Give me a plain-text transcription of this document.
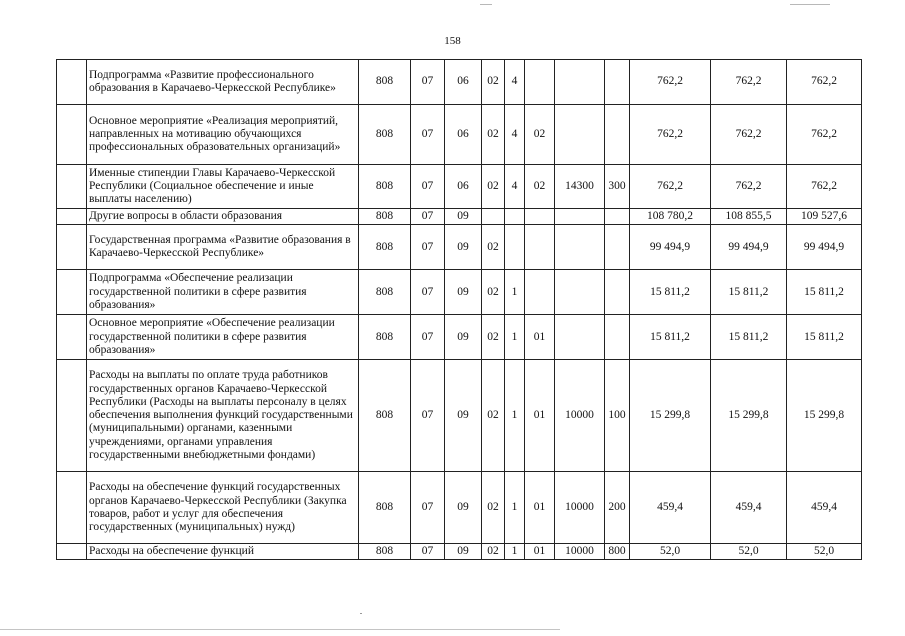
158
	Подпрограмма «Развитие профессионального образования в Карачаево-Черкесской Республике»	808	07	06	02	4				762,2	762,2	762,2
	Основное мероприятие «Реализация мероприятий, направленных на мотивацию обучающихся профессиональных образовательных организаций»	808	07	06	02	4	02			762,2	762,2	762,2
	Именные стипендии Главы Карачаево-Черкесской Республики (Социальное обеспечение и иные выплаты населению)	808	07	06	02	4	02	14300	300	762,2	762,2	762,2
	Другие вопросы в области образования	808	07	09						108 780,2	108 855,5	109 527,6
	Государственная программа «Развитие образования в Карачаево-Черкесской Республике»	808	07	09	02					99 494,9	99 494,9	99 494,9
	Подпрограмма «Обеспечение реализации государственной политики в сфере развития образования»	808	07	09	02	1				15 811,2	15 811,2	15 811,2
	Основное мероприятие «Обеспечение реализации государственной политики в сфере развития образования»	808	07	09	02	1	01			15 811,2	15 811,2	15 811,2
	Расходы на выплаты по оплате труда работников государственных органов Карачаево-Черкесской Республики (Расходы на выплаты персоналу в целях обеспечения выполнения функций государственными (муниципальными) органами, казенными учреждениями, органами управления государственными внебюджетными фондами)	808	07	09	02	1	01	10000	100	15 299,8	15 299,8	15 299,8
	Расходы на обеспечение функций государственных органов Карачаево-Черкесской Республики (Закупка товаров, работ и услуг для обеспечения государственных (муниципальных) нужд)	808	07	09	02	1	01	10000	200	459,4	459,4	459,4
	Расходы на обеспечение функций	808	07	09	02	1	01	10000	800	52,0	52,0	52,0
